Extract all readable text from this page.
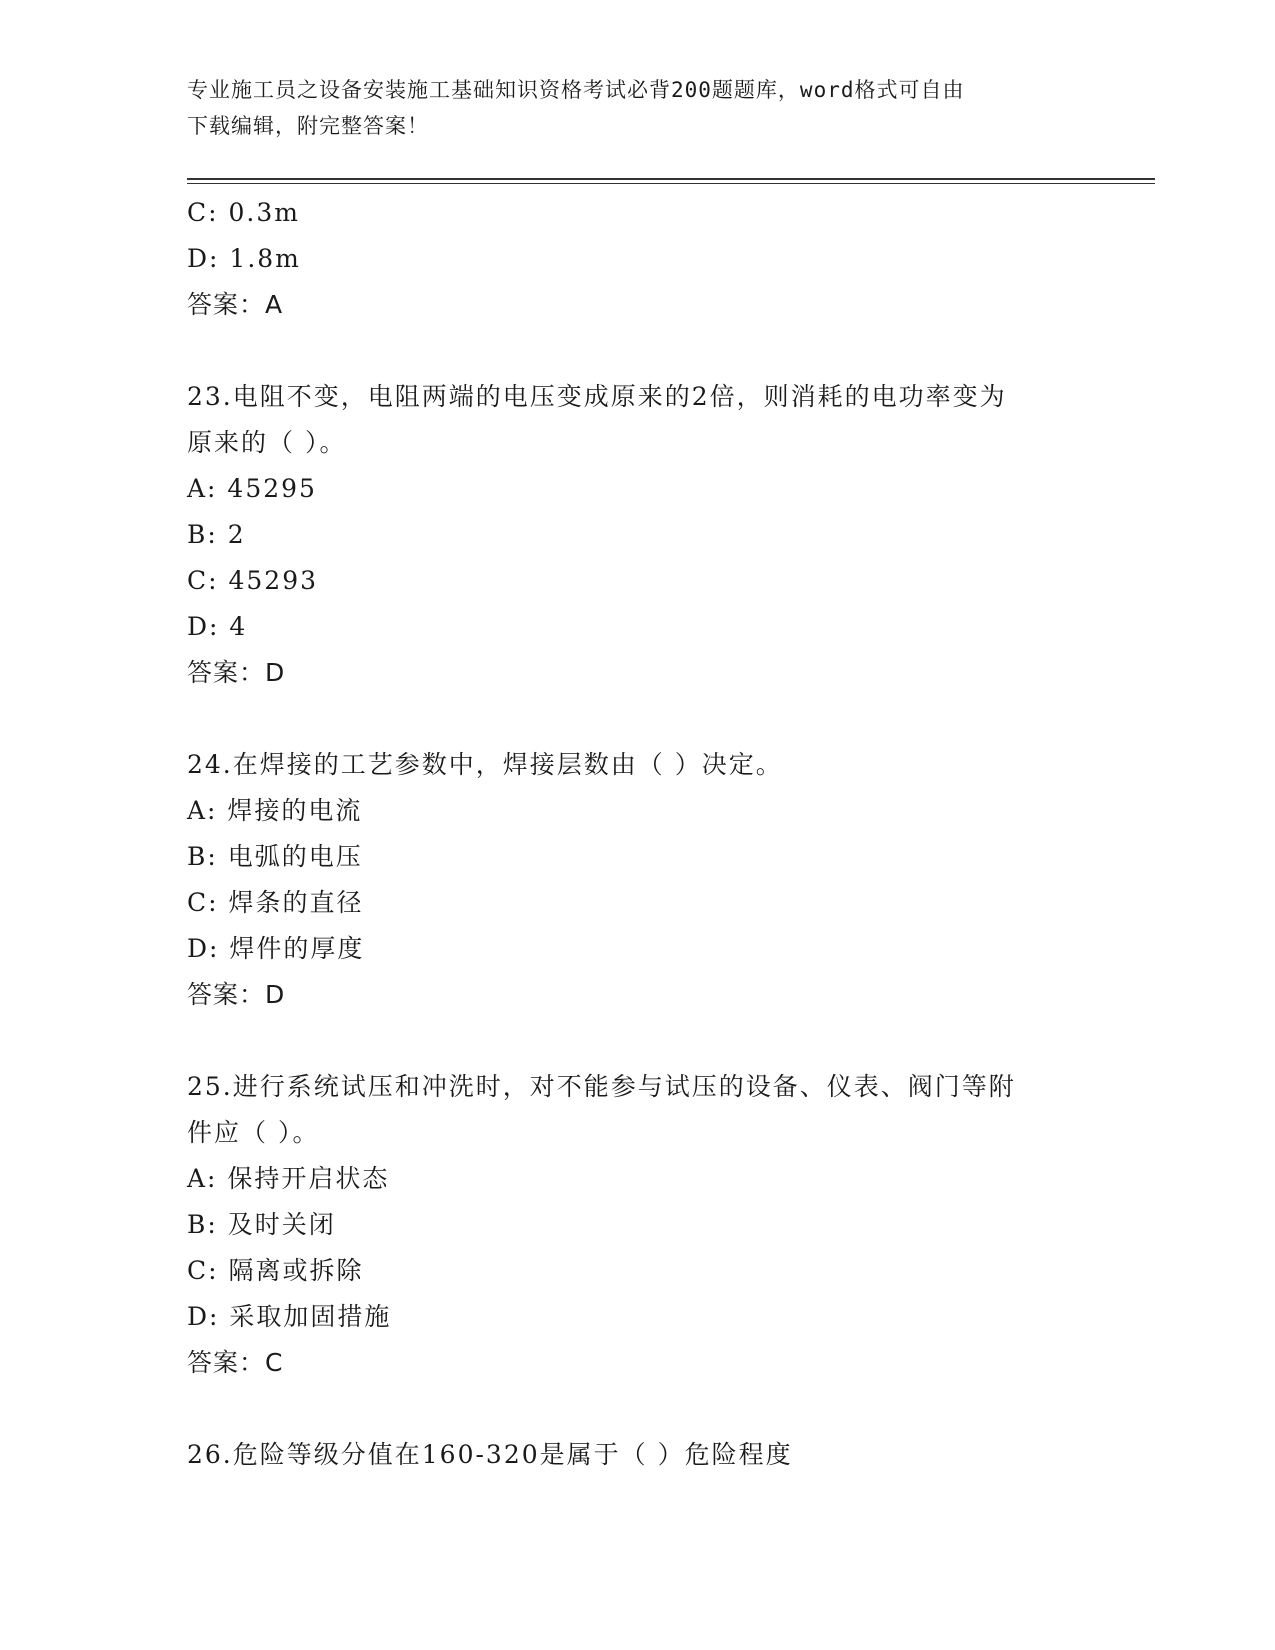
专业施工员之设备安装施工基础知识资格考试必背200题题库，word格式可自由
下载编辑，附完整答案！
C: 0.3m
D: 1.8m
答案：A
23.电阻不变，电阻两端的电压变成原来的2倍，则消耗的电功率变为
原来的（ ）。
A: 45295
B: 2
C: 45293
D: 4
答案：D
24.在焊接的工艺参数中，焊接层数由（ ）决定。
A: 焊接的电流
B: 电弧的电压
C: 焊条的直径
D: 焊件的厚度
答案：D
25.进行系统试压和冲洗时，对不能参与试压的设备、仪表、阀门等附
件应（ ）。
A: 保持开启状态
B: 及时关闭
C: 隔离或拆除
D: 采取加固措施
答案：C
26.危险等级分值在160-320是属于（ ）危险程度
